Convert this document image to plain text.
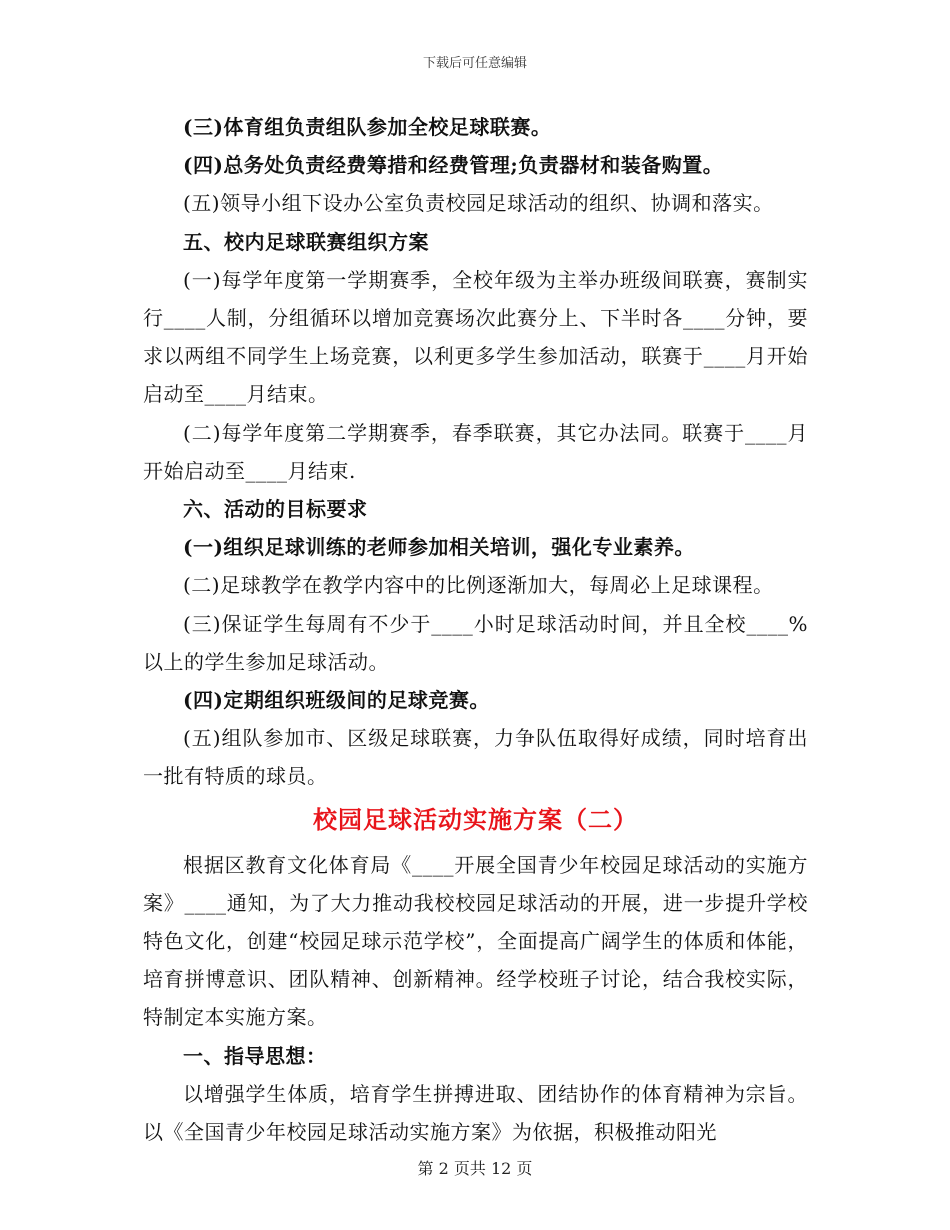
下载后可任意编辑

(三)体育组负责组队参加全校足球联赛。

(四)总务处负责经费筹措和经费管理;负责器材和装备购置。

(五)领导小组下设办公室负责校园足球活动的组织、协调和落实。

五、校内足球联赛组织方案

(一)每学年度第一学期赛季，全校年级为主举办班级间联赛，赛制实行____人制，分组循环以增加竞赛场次此赛分上、下半时各____分钟，要求以两组不同学生上场竞赛，以利更多学生参加活动，联赛于____月开始启动至____月结束。

(二)每学年度第二学期赛季，春季联赛，其它办法同。联赛于____月开始启动至____月结束.

六、活动的目标要求

(一)组织足球训练的老师参加相关培训，强化专业素养。

(二)足球教学在教学内容中的比例逐渐加大，每周必上足球课程。

(三)保证学生每周有不少于____小时足球活动时间，并且全校____%以上的学生参加足球活动。

(四)定期组织班级间的足球竞赛。

(五)组队参加市、区级足球联赛，力争队伍取得好成绩，同时培育出一批有特质的球员。

校园足球活动实施方案（二）

根据区教育文化体育局《____开展全国青少年校园足球活动的实施方案》____通知，为了大力推动我校校园足球活动的开展，进一步提升学校特色文化，创建“校园足球示范学校”，全面提高广阔学生的体质和体能，培育拼博意识、团队精神、创新精神。经学校班子讨论，结合我校实际，特制定本实施方案。

一、指导思想：

以增强学生体质，培育学生拼搏进取、团结协作的体育精神为宗旨。以《全国青少年校园足球活动实施方案》为依据，积极推动阳光

第 2 页共 12 页
